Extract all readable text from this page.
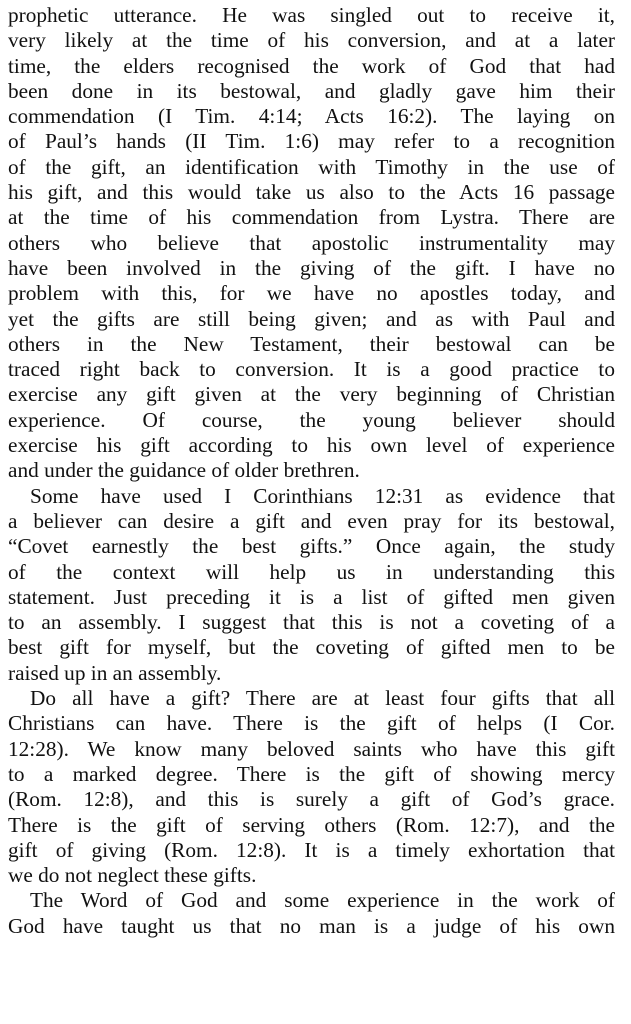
prophetic utterance. He was singled out to receive it,
very likely at the time of his conversion, and at a later
time, the elders recognised the work of God that had
been done in its bestowal, and gladly gave him their
commendation (I Tim. 4:14; Acts 16:2). The laying on
of Paul’s hands (II Tim. 1:6) may refer to a recognition
of the gift, an identification with Timothy in the use of
his gift, and this would take us also to the Acts 16 passage
at the time of his commendation from Lystra. There are
others who believe that apostolic instrumentality may
have been involved in the giving of the gift. I have no
problem with this, for we have no apostles today, and
yet the gifts are still being given; and as with Paul and
others in the New Testament, their bestowal can be
traced right back to conversion. It is a good practice to
exercise any gift given at the very beginning of Christian
experience. Of course, the young believer should
exercise his gift according to his own level of experience
and under the guidance of older brethren.
Some have used I Corinthians 12:31 as evidence that
a believer can desire a gift and even pray for its bestowal,
“Covet earnestly the best gifts.” Once again, the study
of the context will help us in understanding this
statement. Just preceding it is a list of gifted men given
to an assembly. I suggest that this is not a coveting of a
best gift for myself, but the coveting of gifted men to be
raised up in an assembly.
Do all have a gift? There are at least four gifts that all
Christians can have. There is the gift of helps (I Cor.
12:28). We know many beloved saints who have this gift
to a marked degree. There is the gift of showing mercy
(Rom. 12:8), and this is surely a gift of God’s grace.
There is the gift of serving others (Rom. 12:7), and the
gift of giving (Rom. 12:8). It is a timely exhortation that
we do not neglect these gifts.
The Word of God and some experience in the work of
God have taught us that no man is a judge of his own
